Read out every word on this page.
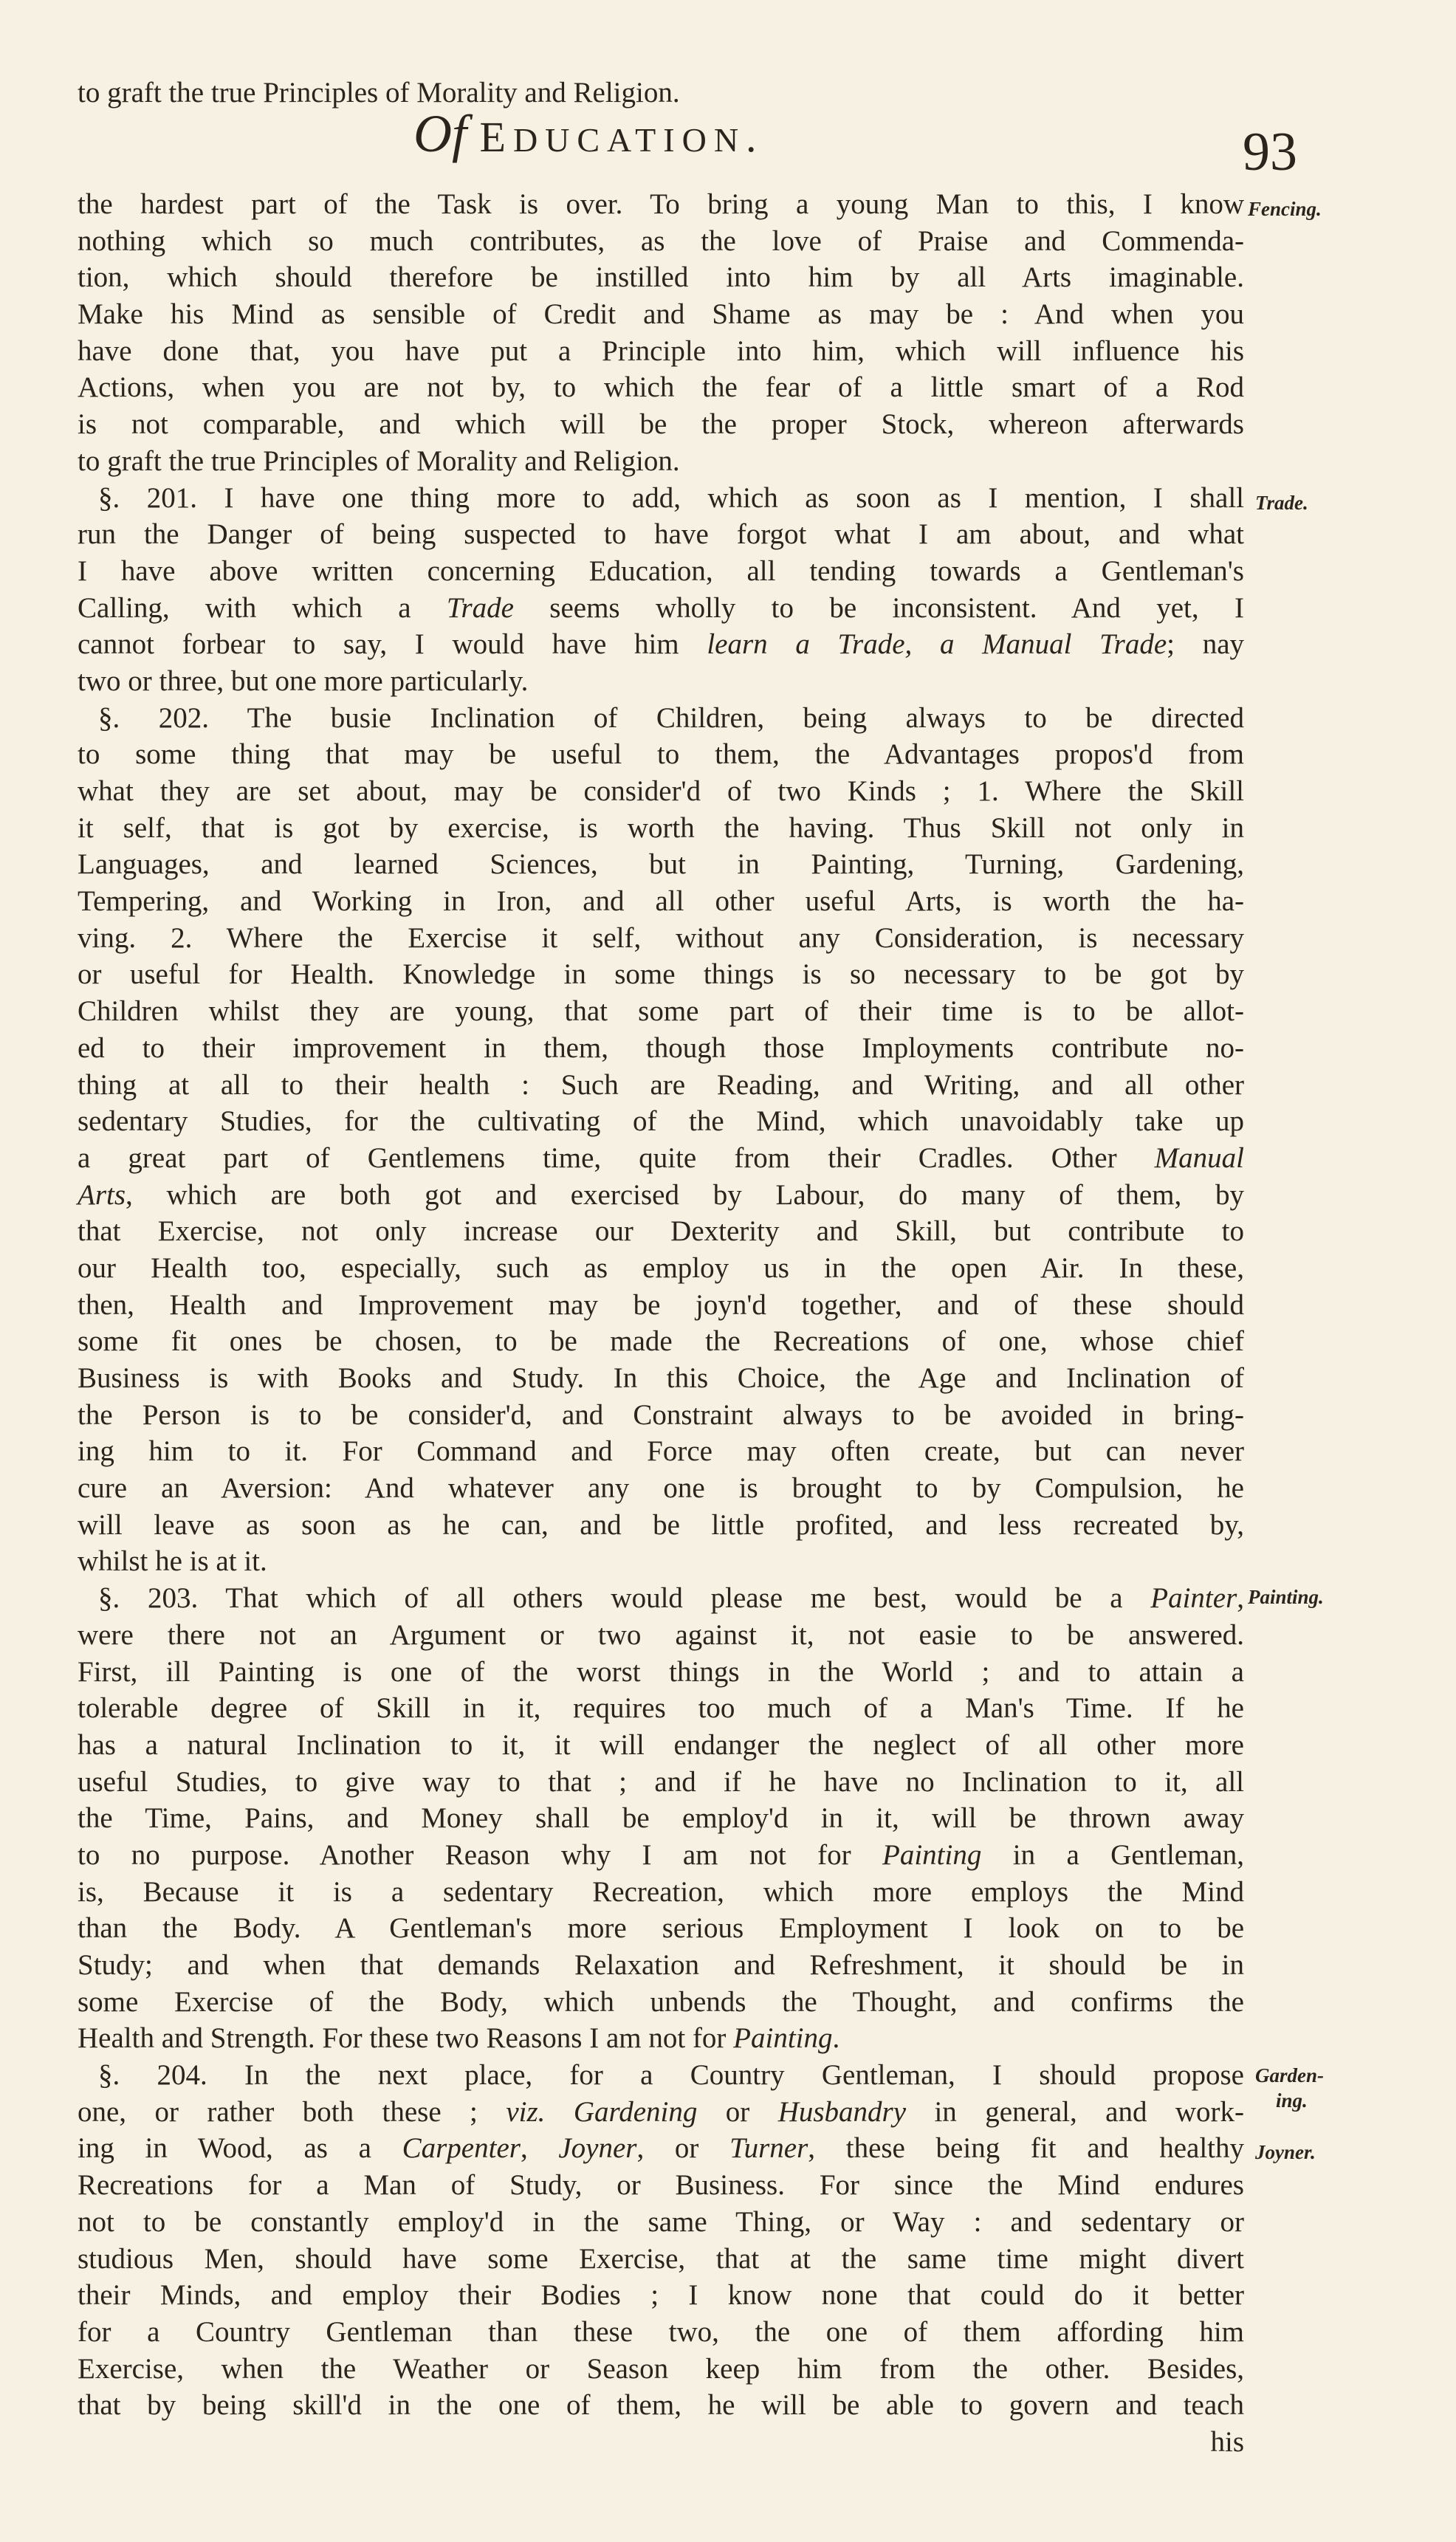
to graft the true Principles of Morality and Religion.
Of EDUCATION.	93
the hardest part of the Task is over. To bring a young Man to this, I know
nothing which so much contributes, as the love of Praise and Commenda-
tion, which should therefore be instilled into him by all Arts imaginable.
Make his Mind as sensible of Credit and Shame as may be : And when you
have done that, you have put a Principle into him, which will influence his
Actions, when you are not by, to which the fear of a little smart of a Rod
is not comparable, and which will be the proper Stock, whereon afterwards
to graft the true Principles of Morality and Religion.
§. 201. I have one thing more to add, which as soon as I mention, I shall
run the Danger of being suspected to have forgot what I am about, and what
I have above written concerning Education, all tending towards a Gentleman's
Calling, with which a Trade seems wholly to be inconsistent. And yet, I
cannot forbear to say, I would have him learn a Trade, a Manual Trade; nay
two or three, but one more particularly.
§. 202. The busie Inclination of Children, being always to be directed
to some thing that may be useful to them, the Advantages propos'd from
what they are set about, may be consider'd of two Kinds ; 1. Where the Skill
it self, that is got by exercise, is worth the having. Thus Skill not only in
Languages, and learned Sciences, but in Painting, Turning, Gardening,
Tempering, and Working in Iron, and all other useful Arts, is worth the ha-
ving. 2. Where the Exercise it self, without any Consideration, is necessary
or useful for Health. Knowledge in some things is so necessary to be got by
Children whilst they are young, that some part of their time is to be allot-
ed to their improvement in them, though those Imployments contribute no-
thing at all to their health : Such are Reading, and Writing, and all other
sedentary Studies, for the cultivating of the Mind, which unavoidably take up
a great part of Gentlemens time, quite from their Cradles. Other Manual
Arts, which are both got and exercised by Labour, do many of them, by
that Exercise, not only increase our Dexterity and Skill, but contribute to
our Health too, especially, such as employ us in the open Air. In these,
then, Health and Improvement may be joyn'd together, and of these should
some fit ones be chosen, to be made the Recreations of one, whose chief
Business is with Books and Study. In this Choice, the Age and Inclination of
the Person is to be consider'd, and Constraint always to be avoided in bring-
ing him to it. For Command and Force may often create, but can never
cure an Aversion: And whatever any one is brought to by Compulsion, he
will leave as soon as he can, and be little profited, and less recreated by,
whilst he is at it.
§. 203. That which of all others would please me best, would be a Painter,
were there not an Argument or two against it, not easie to be answered.
First, ill Painting is one of the worst things in the World ; and to attain a
tolerable degree of Skill in it, requires too much of a Man's Time. If he
has a natural Inclination to it, it will endanger the neglect of all other more
useful Studies, to give way to that ; and if he have no Inclination to it, all
the Time, Pains, and Money shall be employ'd in it, will be thrown away
to no purpose. Another Reason why I am not for Painting in a Gentleman,
is, Because it is a sedentary Recreation, which more employs the Mind
than the Body. A Gentleman's more serious Employment I look on to be
Study; and when that demands Relaxation and Refreshment, it should be in
some Exercise of the Body, which unbends the Thought, and confirms the
Health and Strength. For these two Reasons I am not for Painting.
§. 204. In the next place, for a Country Gentleman, I should propose
one, or rather both these ; viz. Gardening or Husbandry in general, and work-
ing in Wood, as a Carpenter, Joyner, or Turner, these being fit and healthy
Recreations for a Man of Study, or Business. For since the Mind endures
not to be constantly employ'd in the same Thing, or Way : and sedentary or
studious Men, should have some Exercise, that at the same time might divert
their Minds, and employ their Bodies ; I know none that could do it better
for a Country Gentleman than these two, the one of them affording him
Exercise, when the Weather or Season keep him from the other. Besides,
that by being skill'd in the one of them, he will be able to govern and teach
his
Fencing.
Trade.
Painting.
Garden-
ing.
Joyner.
